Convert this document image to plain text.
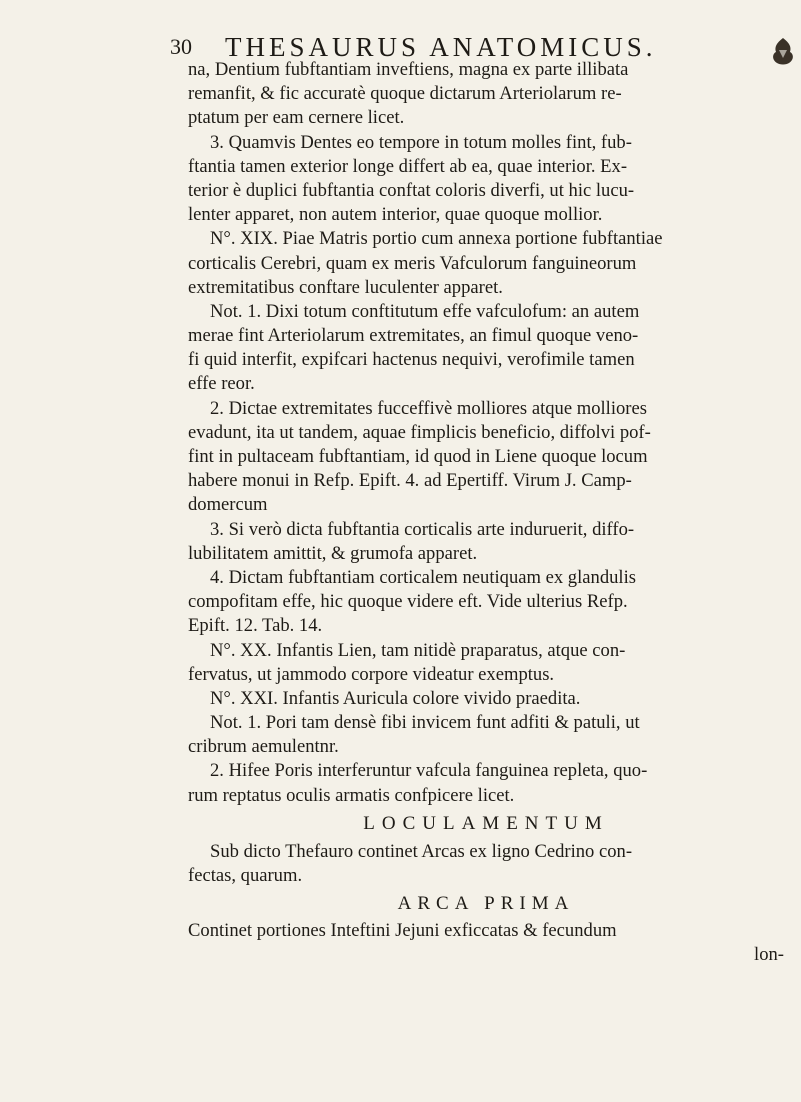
30 THESAURUS ANATOMICUS.
na, Dentium fubftantiam inveftiens, magna ex parte illibata
remanfit, & fic accuratè quoque dictarum Arteriolarum re-
ptatum per eam cernere licet.
3. Quamvis Dentes eo tempore in totum molles fint, fub-
ftantia tamen exterior longe differt ab ea, quae interior. Ex-
terior è duplici fubftantia conftat coloris diverfi, ut hic lucu-
lenter apparet, non autem interior, quae quoque mollior.
N°. XIX. Piae Matris portio cum annexa portione fubftantiae
corticalis Cerebri, quam ex meris Vafculorum fanguineorum
extremitatibus conftare luculenter apparet.
Not. 1. Dixi totum conftitutum effe vafculofum: an autem
merae fint Arteriolarum extremitates, an fimul quoque veno-
fi quid interfit, expifcari hactenus nequivi, verofimile tamen
effe reor.
2. Dictae extremitates fucceffivè molliores atque molliores
evadunt, ita ut tandem, aquae fimplicis beneficio, diffolvi pof-
fint in pultaceam fubftantiam, id quod in Liene quoque locum
habere monui in Refp. Epift. 4. ad Epertiff. Virum J. Camp-
domercum
3. Si verò dicta fubftantia corticalis arte induruerit, diffo-
lubilitatem amittit, & grumofa apparet.
4. Dictam fubftantiam corticalem neutiquam ex glandulis
compofitam effe, hic quoque videre eft. Vide ulterius Refp.
Epift. 12. Tab. 14.
N°. XX. Infantis Lien, tam nitidè praparatus, atque con-
fervatus, ut jammodo corpore videatur exemptus.
N°. XXI. Infantis Auricula colore vivido praedita.
Not. 1. Pori tam densè fibi invicem funt adfiti & patuli, ut
cribrum aemulentnr.
2. Hifee Poris interferuntur vafcula fanguinea repleta, quo-
rum reptatus oculis armatis confpicere licet.
LOCULAMENTUM
Sub dicto Thefauro continet Arcas ex ligno Cedrino con-
fectas, quarum.
ARCA PRIMA
Continet portiones Inteftini Jejuni exficcatas & fecundum
lon-
